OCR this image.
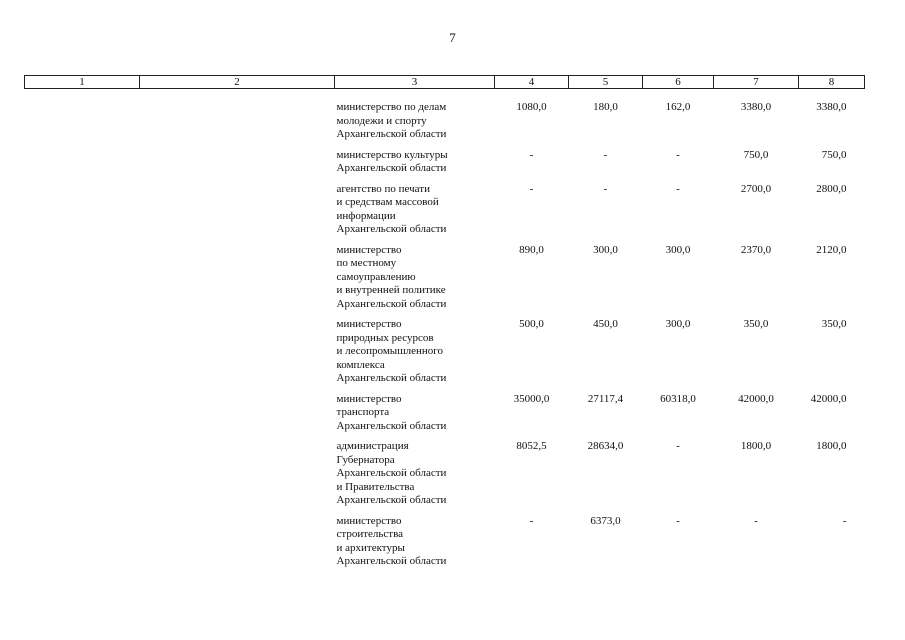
7
1	2	3	4	5	6	7	8
		министерство по делам
молодежи и спорту
Архангельской области	1080,0	180,0	162,0	3380,0	3380,0
		министерство культуры
Архангельской области	-	-	-	750,0	750,0
		агентство по печати
и средствам массовой
информации
Архангельской области	-	-	-	2700,0	2800,0
		министерство
по местному
самоуправлению
и внутренней политике
Архангельской области	890,0	300,0	300,0	2370,0	2120,0
		министерство
природных ресурсов
и лесопромышленного
комплекса
Архангельской области	500,0	450,0	300,0	350,0	350,0
		министерство
транспорта
Архангельской области	35000,0	27117,4	60318,0	42000,0	42000,0
		администрация
Губернатора
Архангельской области
и Правительства
Архангельской области	8052,5	28634,0	-	1800,0	1800,0
		министерство
строительства
и архитектуры
Архангельской области	-	6373,0	-	-	-
